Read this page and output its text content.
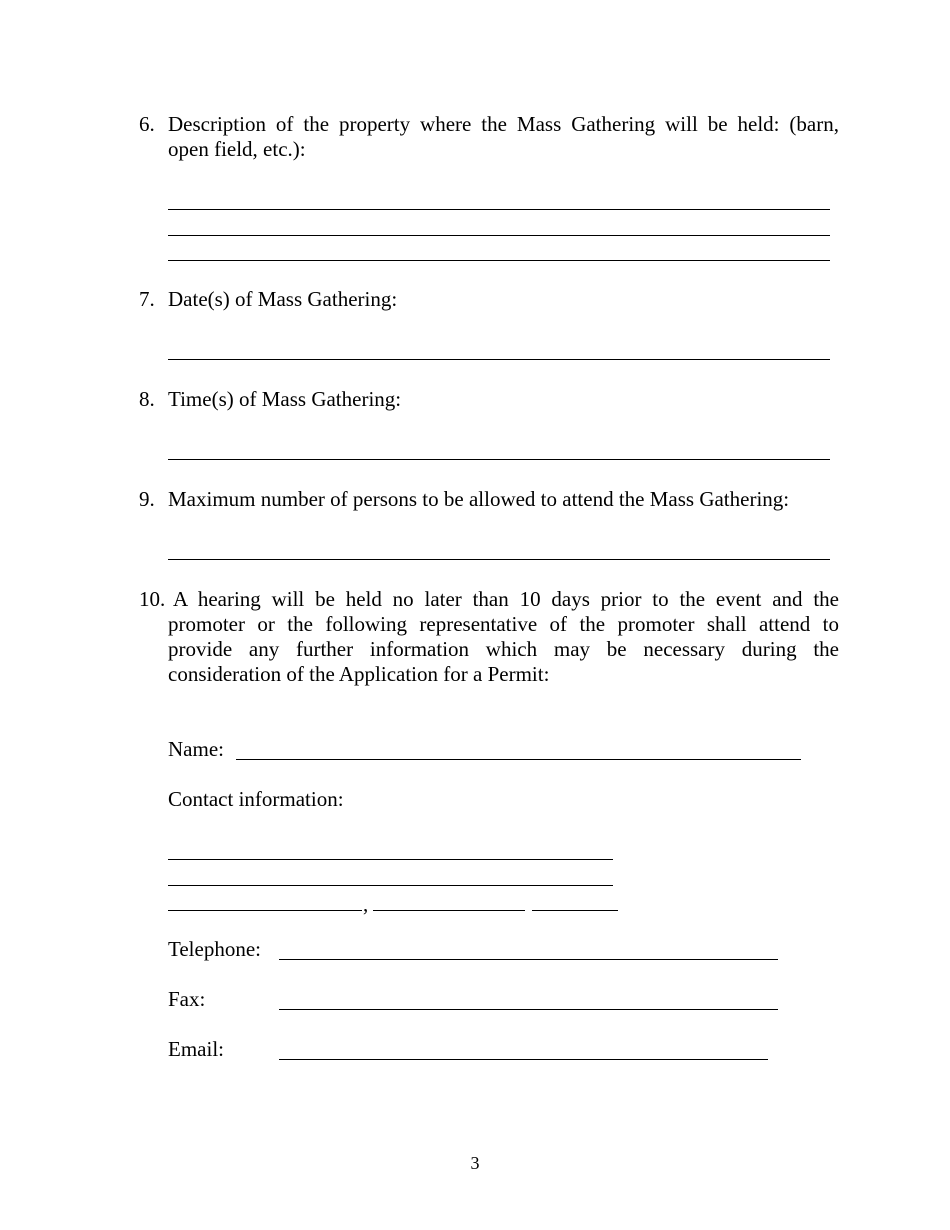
6. Description of the property where the Mass Gathering will be held: (barn,
open field, etc.):
7. Date(s) of Mass Gathering:
8. Time(s) of Mass Gathering:
9. Maximum number of persons to be allowed to attend the Mass Gathering:
10. A hearing will be held no later than 10 days prior to the event and the
promoter or the following representative of the promoter shall attend to
provide any further information which may be necessary during the
consideration of the Application for a Permit:
Name:
Contact information:
,
Telephone:
Fax:
Email:
3
